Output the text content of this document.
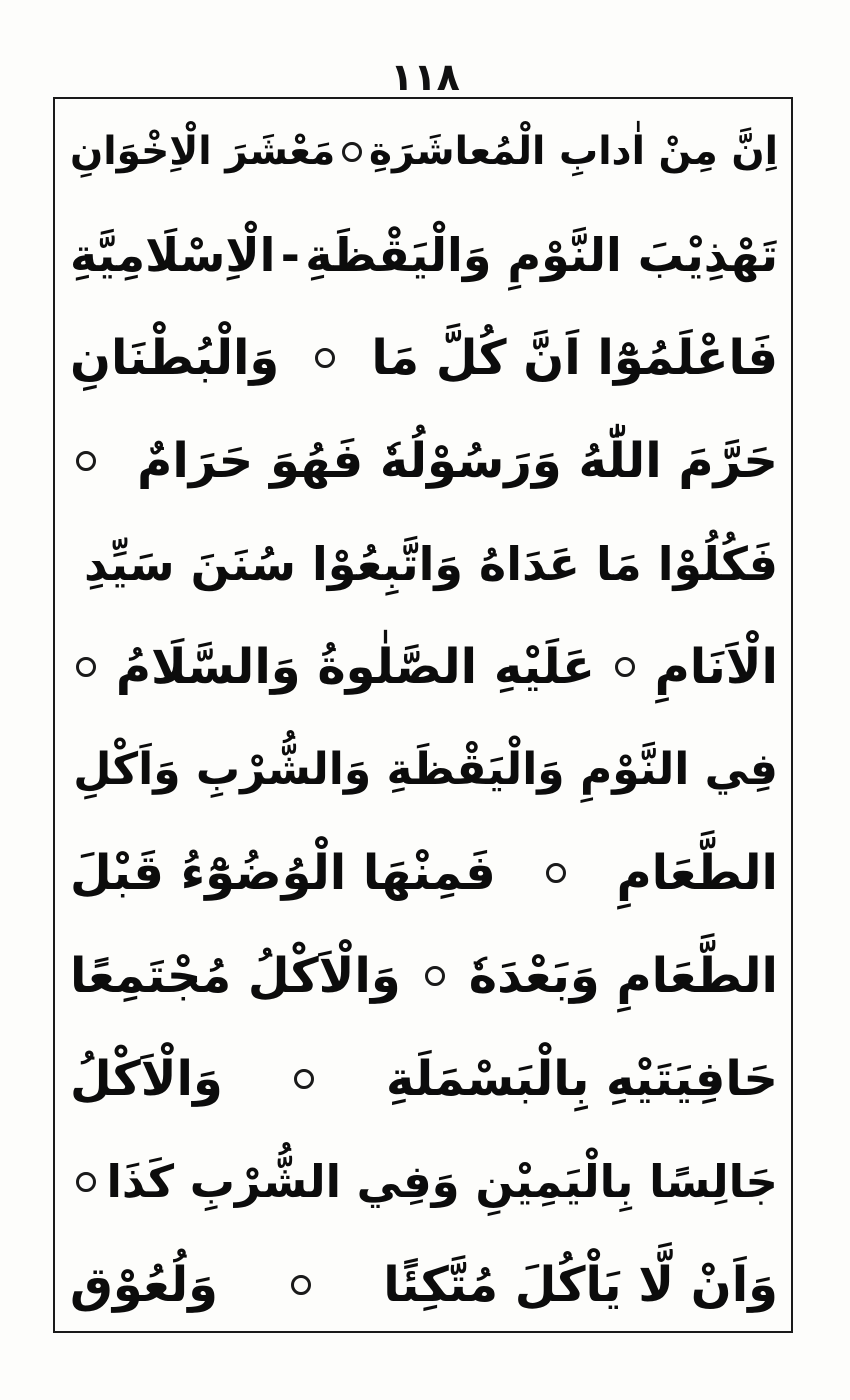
١١٨
اِنَّ مِنْ اٰدابِ الْمُعاشَرَةِ
مَعْشَرَ الْاِخْوَانِ
تَهْذِيْبَ النَّوْمِ وَالْيَقْظَةِ
-
الْاِسْلَامِيَّةِ
فَاعْلَمُوْٓا اَنَّ كُلَّ مَا
وَالْبُطْنَانِ
حَرَّمَ اللّٰهُ وَرَسُوْلُهٗ فَهُوَ حَرَامٌ
فَكُلُوْا مَا عَدَاهُ وَاتَّبِعُوْا سُنَنَ سَيِّدِ
الْاَنَامِ
عَلَيْهِ الصَّلٰوةُ وَالسَّلَامُ
فِي النَّوْمِ وَالْيَقْظَةِ وَالشُّرْبِ وَاَكْلِ
الطَّعَامِ
فَمِنْهَا الْوُضُوْٓءُ قَبْلَ
الطَّعَامِ وَبَعْدَهٗ
وَالْاَكْلُ مُجْتَمِعًا
حَافِيَتَيْهِ بِالْبَسْمَلَةِ
وَالْاَكْلُ
جَالِسًا بِالْيَمِيْنِ وَفِي الشُّرْبِ كَذَا
وَاَنْ لَّا يَاْكُلَ مُتَّكِئًا
وَلُعُوْق
